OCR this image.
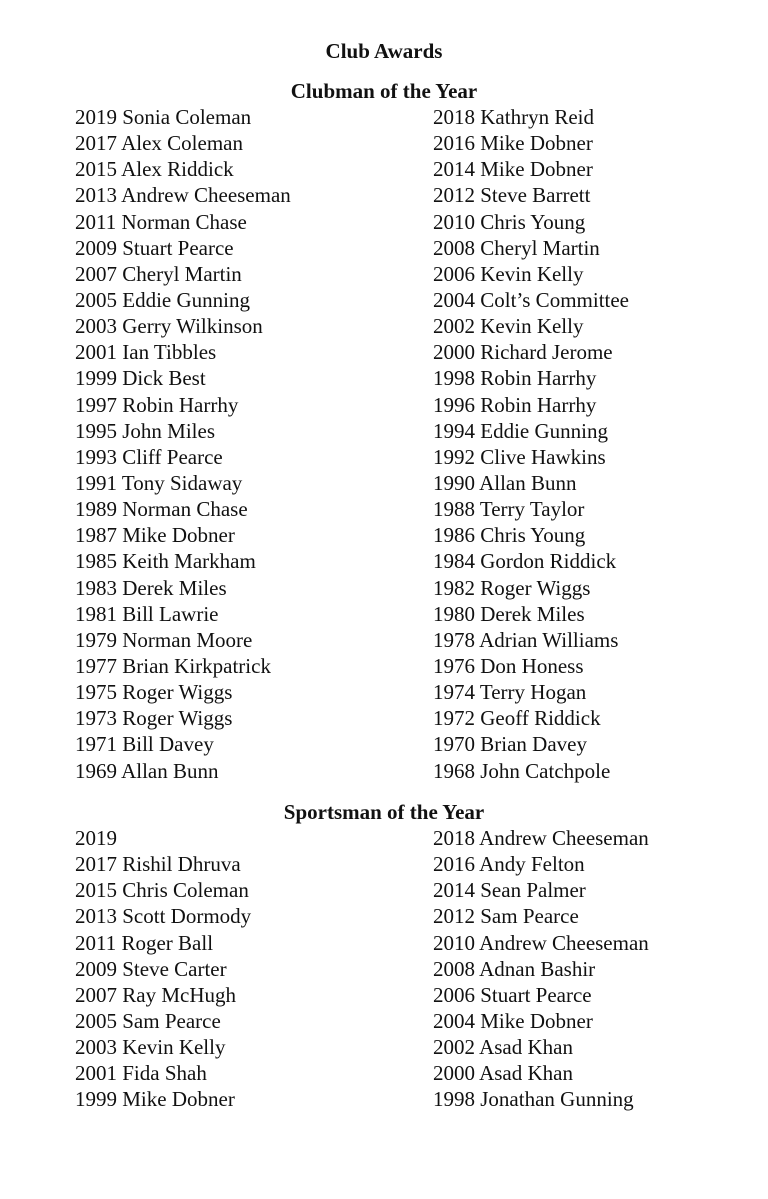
Club Awards
Clubman of the Year
2019 Sonia Coleman	2018 Kathryn Reid
2017 Alex Coleman	2016 Mike Dobner
2015 Alex Riddick	2014 Mike Dobner
2013 Andrew Cheeseman	2012 Steve Barrett
2011 Norman Chase	2010 Chris Young
2009 Stuart Pearce	2008 Cheryl Martin
2007 Cheryl Martin	2006 Kevin Kelly
2005 Eddie Gunning	2004 Colt’s Committee
2003 Gerry Wilkinson	2002 Kevin Kelly
2001 Ian Tibbles	2000 Richard Jerome
1999 Dick Best	1998 Robin Harrhy
1997 Robin Harrhy	1996 Robin Harrhy
1995 John Miles	1994 Eddie Gunning
1993 Cliff Pearce	1992 Clive Hawkins
1991 Tony Sidaway	1990 Allan Bunn
1989 Norman Chase	1988 Terry Taylor
1987 Mike Dobner	1986 Chris Young
1985 Keith Markham	1984 Gordon Riddick
1983 Derek Miles	1982 Roger Wiggs
1981 Bill Lawrie	1980 Derek Miles
1979 Norman Moore	1978 Adrian Williams
1977 Brian Kirkpatrick	1976 Don Honess
1975 Roger Wiggs	1974 Terry Hogan
1973 Roger Wiggs	1972 Geoff Riddick
1971 Bill Davey	1970 Brian Davey
1969 Allan Bunn	1968 John Catchpole
Sportsman of the Year
2019	2018 Andrew Cheeseman
2017 Rishil Dhruva	2016 Andy Felton
2015 Chris Coleman	2014 Sean Palmer
2013 Scott Dormody	2012 Sam Pearce
2011 Roger Ball	2010 Andrew Cheeseman
2009 Steve Carter	2008 Adnan Bashir
2007 Ray McHugh	2006 Stuart Pearce
2005 Sam Pearce	2004 Mike Dobner
2003 Kevin Kelly	2002 Asad Khan
2001 Fida Shah	2000 Asad Khan
1999 Mike Dobner	1998 Jonathan Gunning
